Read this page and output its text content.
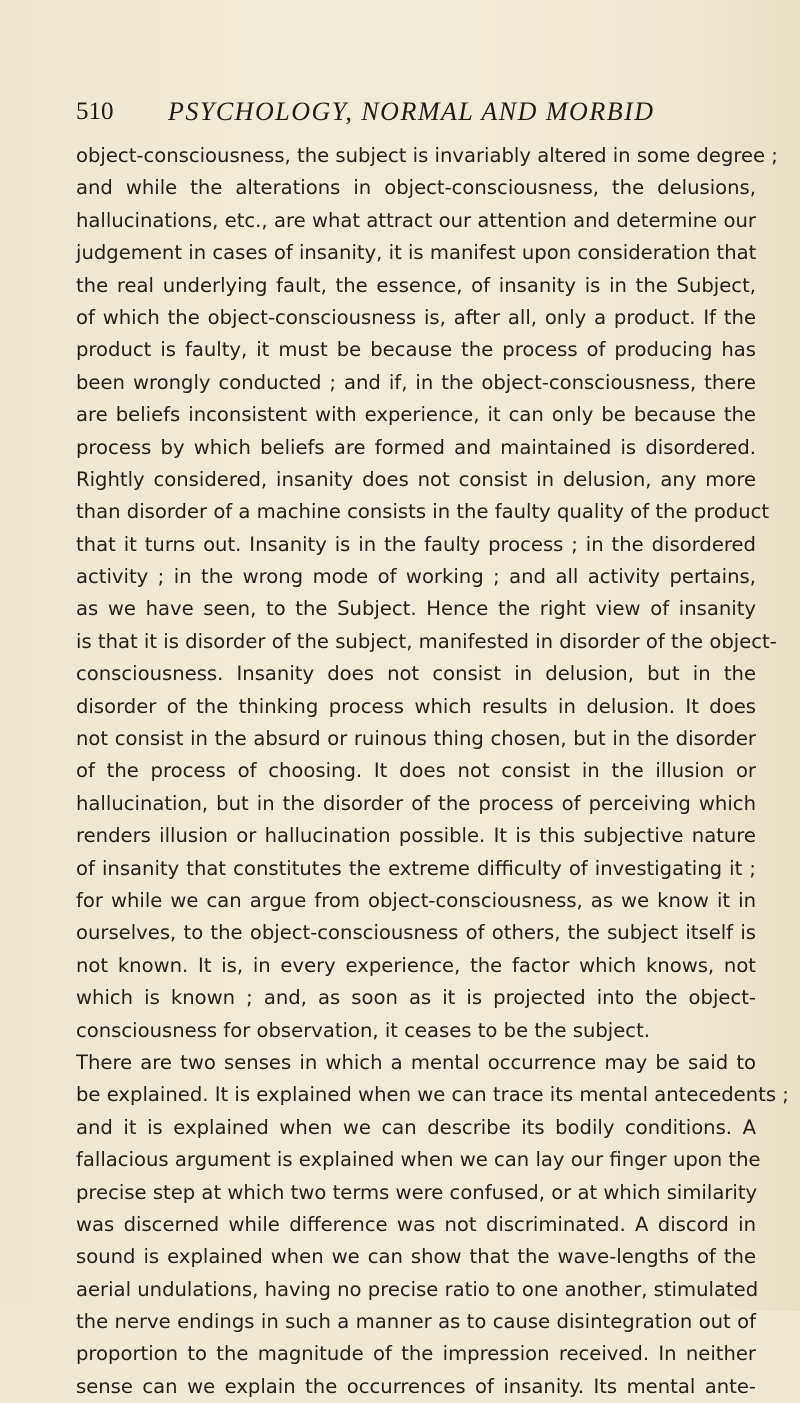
510 PSYCHOLOGY, NORMAL AND MORBID
object-consciousness, the subject is invariably altered in some degree ;
and while the alterations in object-consciousness, the delusions,
hallucinations, etc., are what attract our attention and determine our
judgement in cases of insanity, it is manifest upon consideration that
the real underlying fault, the essence, of insanity is in the Subject,
of which the object-consciousness is, after all, only a product. If the
product is faulty, it must be because the process of producing has
been wrongly conducted ; and if, in the object-consciousness, there
are beliefs inconsistent with experience, it can only be because the
process by which beliefs are formed and maintained is disordered.
Rightly considered, insanity does not consist in delusion, any more
than disorder of a machine consists in the faulty quality of the product
that it turns out. Insanity is in the faulty process ; in the disordered
activity ; in the wrong mode of working ; and all activity pertains,
as we have seen, to the Subject. Hence the right view of insanity
is that it is disorder of the subject, manifested in disorder of the object-
consciousness. Insanity does not consist in delusion, but in the
disorder of the thinking process which results in delusion. It does
not consist in the absurd or ruinous thing chosen, but in the disorder
of the process of choosing. It does not consist in the illusion or
hallucination, but in the disorder of the process of perceiving which
renders illusion or hallucination possible. It is this subjective nature
of insanity that constitutes the extreme difficulty of investigating it ;
for while we can argue from object-consciousness, as we know it in
ourselves, to the object-consciousness of others, the subject itself is
not known. It is, in every experience, the factor which knows, not
which is known ; and, as soon as it is projected into the object-
consciousness for observation, it ceases to be the subject.
There are two senses in which a mental occurrence may be said to
be explained. It is explained when we can trace its mental antecedents ;
and it is explained when we can describe its bodily conditions. A
fallacious argument is explained when we can lay our finger upon the
precise step at which two terms were confused, or at which similarity
was discerned while difference was not discriminated. A discord in
sound is explained when we can show that the wave-lengths of the
aerial undulations, having no precise ratio to one another, stimulated
the nerve endings in such a manner as to cause disintegration out of
proportion to the magnitude of the impression received. In neither
sense can we explain the occurrences of insanity. Its mental ante-
